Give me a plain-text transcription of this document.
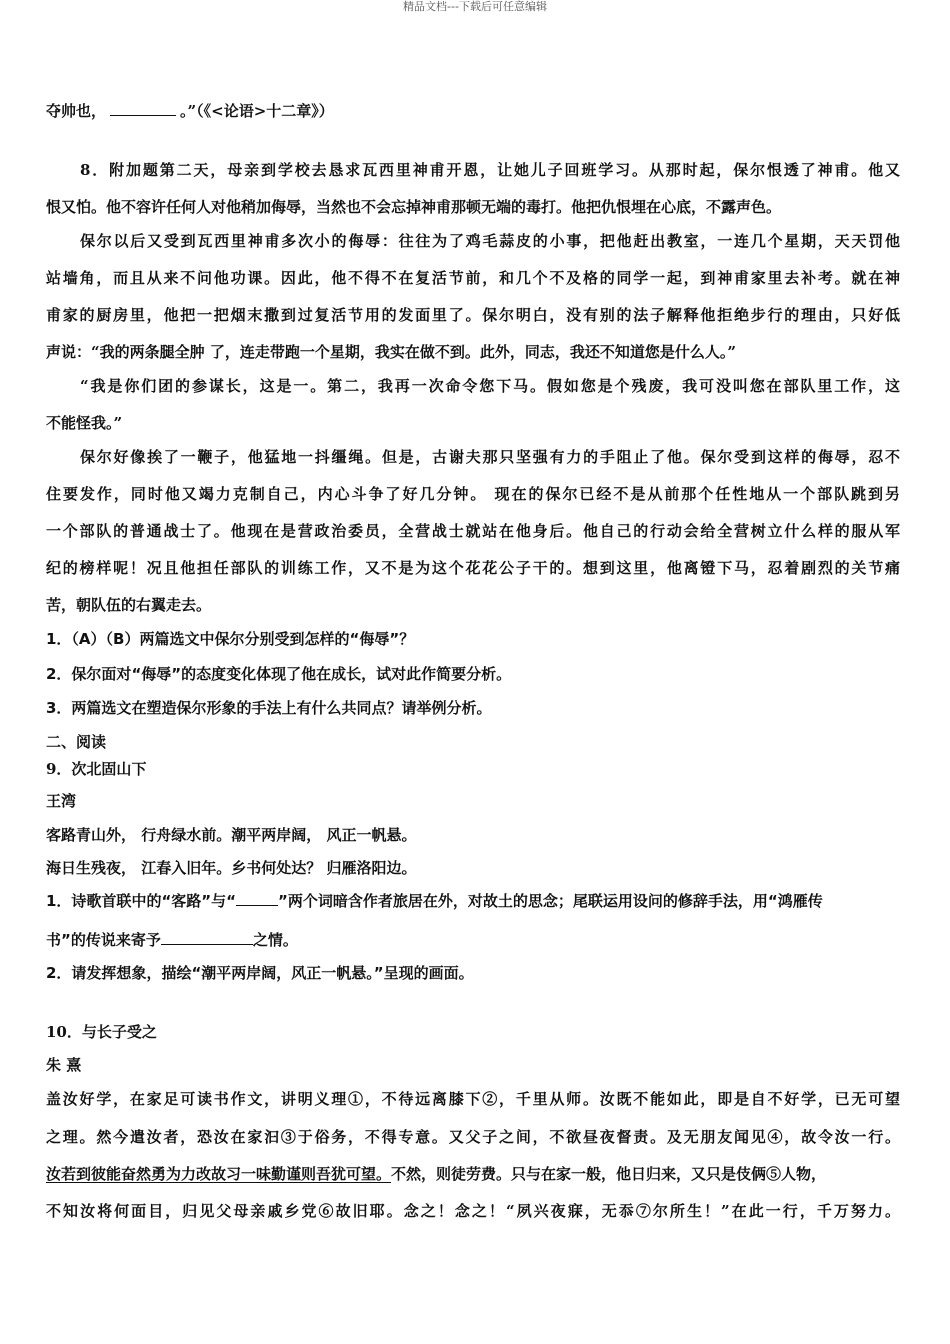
精品文档---下载后可任意编辑
夺帅也，	。”（《<论语>十二章》）
8．附加题第二天，母亲到学校去恳求瓦西里神甫开恩，让她儿子回班学习。从那时起，保尔恨透了神甫。他又
恨又怕。他不容许任何人对他稍加侮辱，当然也不会忘掉神甫那顿无端的毒打。他把仇恨埋在心底，不露声色。
保尔以后又受到瓦西里神甫多次小的侮辱：往往为了鸡毛蒜皮的小事，把他赶出教室，一连几个星期，天天罚他
站墙角，而且从来不问他功课。因此，他不得不在复活节前，和几个不及格的同学一起，到神甫家里去补考。就在神
甫家的厨房里，他把一把烟末撒到过复活节用的发面里了。保尔明白，没有别的法子解释他拒绝步行的理由，只好低
声说：“我的两条腿全肿 了，连走带跑一个星期，我实在做不到。此外，同志，我还不知道您是什么人。”
“我是你们团的参谋长，这是一。第二，我再一次命令您下马。假如您是个残废，我可没叫您在部队里工作，这
不能怪我。”
保尔好像挨了一鞭子，他猛地一抖缰绳。但是，古谢夫那只坚强有力的手阻止了他。保尔受到这样的侮辱，忍不
住要发作，同时他又竭力克制自己，内心斗争了好几分钟。 现在的保尔已经不是从前那个任性地从一个部队跳到另
一个部队的普通战士了。他现在是营政治委员，全营战士就站在他身后。他自己的行动会给全营树立什么样的服从军
纪的榜样呢！况且他担任部队的训练工作，又不是为这个花花公子干的。想到这里，他离镫下马，忍着剧烈的关节痛
苦，朝队伍的右翼走去。
1．（A）（B）两篇选文中保尔分别受到怎样的“侮辱”？
2．保尔面对“侮辱”的态度变化体现了他在成长，试对此作简要分析。
3．两篇选文在塑造保尔形象的手法上有什么共同点？请举例分析。
二、阅读
9．次北固山下
王湾
客路青山外， 行舟绿水前。潮平两岸阔， 风正一帆悬。
海日生残夜， 江春入旧年。乡书何处达？ 归雁洛阳边。
1．诗歌首联中的“客路”与“	”两个词暗含作者旅居在外，对故土的思念；尾联运用设问的修辞手法，用“鸿雁传
书”的传说来寄予	之情。
2．请发挥想象，描绘“潮平两岸阔，风正一帆悬。”呈现的画面。
10．与长子受之
朱 熹
盖汝好学，在家足可读书作文，讲明义理①，不待远离膝下②，千里从师。汝既不能如此，即是自不好学，已无可望
之理。然今遣汝者，恐汝在家汩③于俗务，不得专意。又父子之间，不欲昼夜督责。及无朋友闻见④，故令汝一行。
汝若到彼能奋然勇为力改故习一味勤谨则吾犹可望。不然，则徒劳费。只与在家一般，他日归来，又只是伎俩⑤人物，
不知汝将何面目，归见父母亲戚乡党⑥故旧耶。念之！念之！“夙兴夜寐，无忝⑦尔所生！”在此一行，千万努力。
